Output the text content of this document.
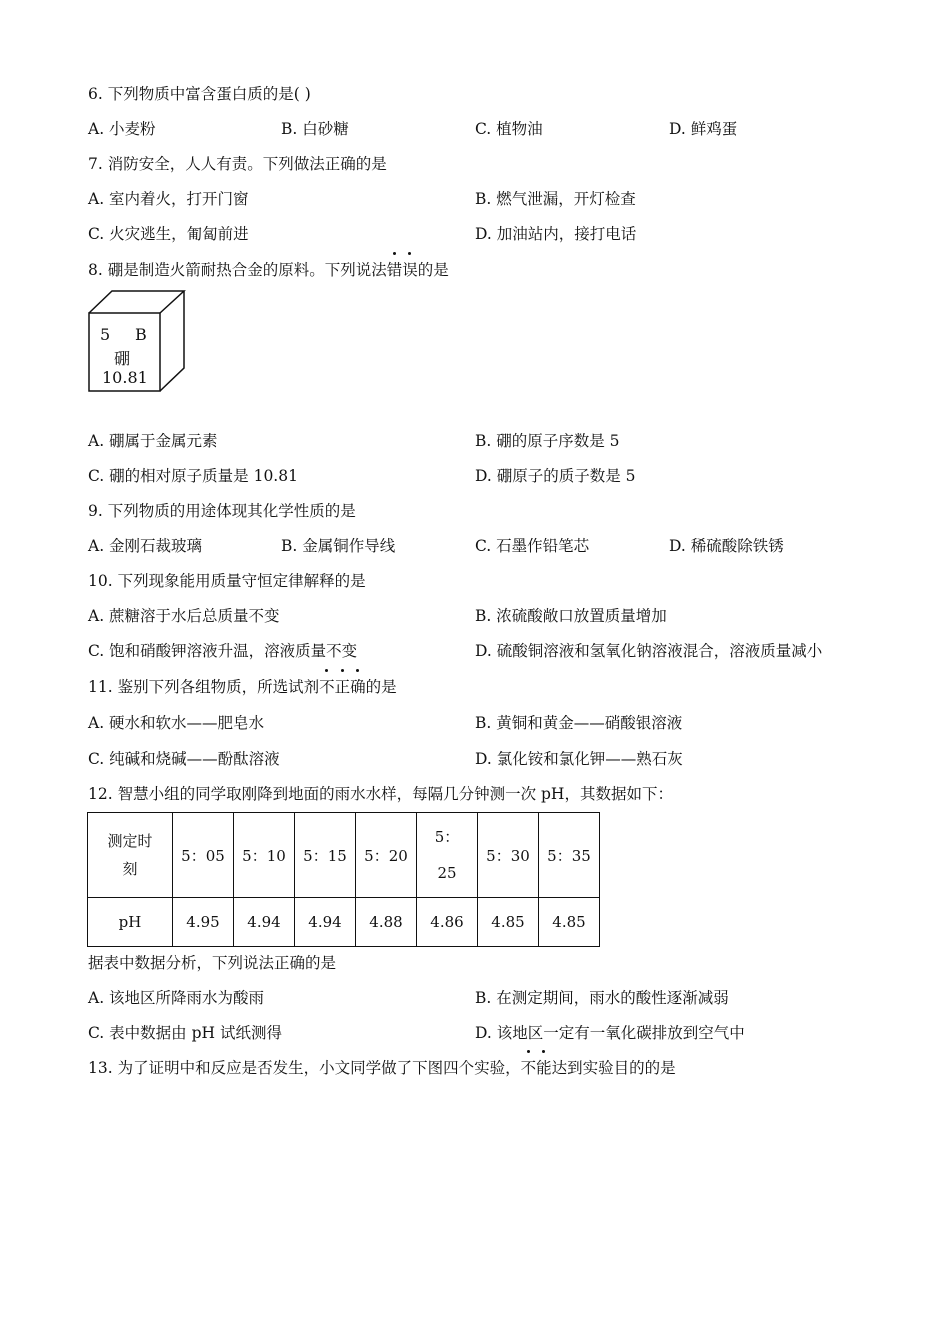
6. 下列物质中富含蛋白质的是( )
A. 小麦粉	B. 白砂糖	C. 植物油	D. 鲜鸡蛋
7. 消防安全，人人有责。下列做法正确的是
A. 室内着火，打开门窗	B. 燃气泄漏，开灯检查
C. 火灾逃生，匍匐前进	D. 加油站内，接打电话
8. 硼是制造火箭耐热合金的原料。下列说法错误的是
5 B
硼
10.81
A. 硼属于金属元素	B. 硼的原子序数是 5
C. 硼的相对原子质量是 10.81	D. 硼原子的质子数是 5
9. 下列物质的用途体现其化学性质的是
A. 金刚石裁玻璃	B. 金属铜作导线	C. 石墨作铅笔芯	D. 稀硫酸除铁锈
10. 下列现象能用质量守恒定律解释的是
A. 蔗糖溶于水后总质量不变	B. 浓硫酸敞口放置质量增加
C. 饱和硝酸钾溶液升温，溶液质量不变	D. 硫酸铜溶液和氢氧化钠溶液混合，溶液质量减小
11. 鉴别下列各组物质，所选试剂不正确的是
A. 硬水和软水——肥皂水	B. 黄铜和黄金——硝酸银溶液
C. 纯碱和烧碱——酚酞溶液	D. 氯化铵和氯化钾——熟石灰
12. 智慧小组的同学取刚降到地面的雨水水样，每隔几分钟测一次 pH，其数据如下：
测定时
刻	5：05	5：10	5：15	5：20	5：25	5：30	5：35
pH	4.95	4.94	4.94	4.88	4.86	4.85	4.85
据表中数据分析，下列说法正确的是
A. 该地区所降雨水为酸雨	B. 在测定期间，雨水的酸性逐渐减弱
C. 表中数据由 pH 试纸测得	D. 该地区一定有一氧化碳排放到空气中
13. 为了证明中和反应是否发生，小文同学做了下图四个实验，不能达到实验目的的是
